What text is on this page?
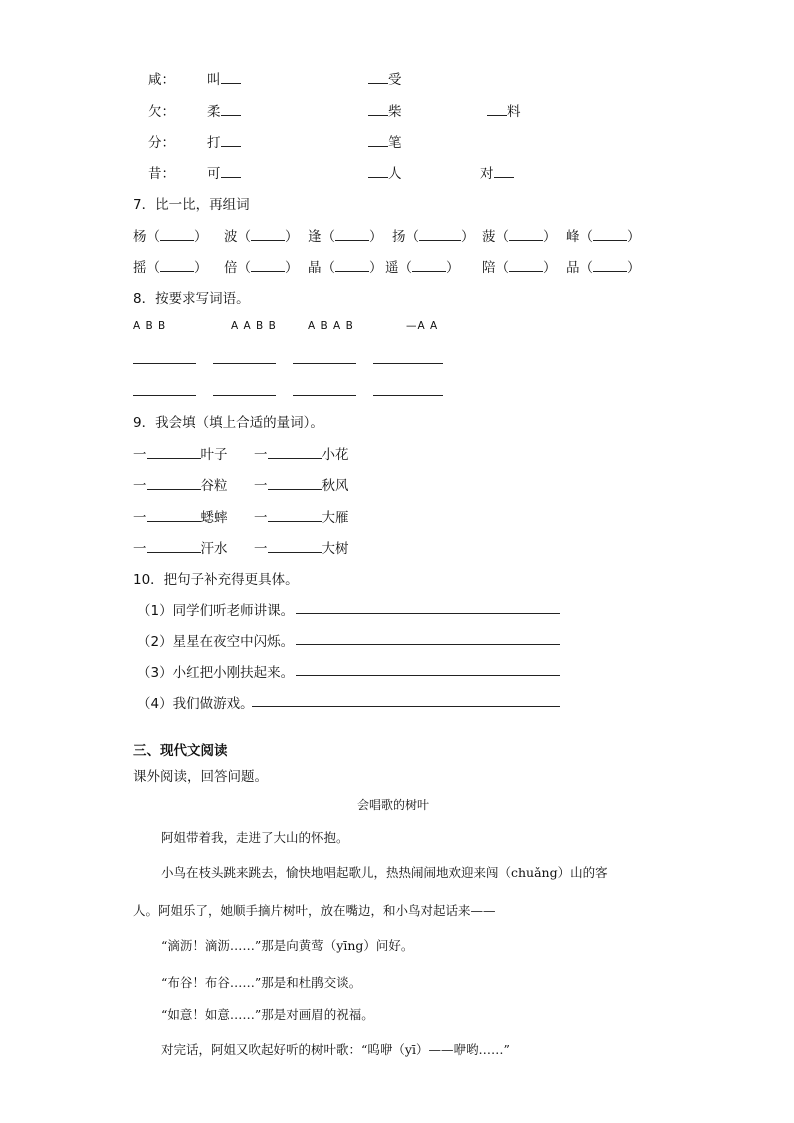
咸： 叫	受
欠： 柔	柴	料
分： 打	笔
昔： 可	人	对
7．比一比，再组词
杨（	） 波（	） 逢（	） 扬（	） 菠（	） 峰（	）
摇（	） 倍（	） 晶（	） 遥（	） 陪（	） 品（	）
8．按要求写词语。
A B B	A A B B	A B A B	—A A
9．我会填（填上合适的量词）。
一	叶子 一	小花
一	谷粒 一	秋风
一	蟋蟀 一	大雁
一	汗水 一	大树
10．把句子补充得更具体。
（1）同学们听老师讲课。
（2）星星在夜空中闪烁。
（3）小红把小刚扶起来。
（4）我们做游戏。
三、现代文阅读
课外阅读，回答问题。
会唱歌的树叶
阿姐带着我，走进了大山的怀抱。
小鸟在枝头跳来跳去，愉快地唱起歌儿，热热闹闹地欢迎来闯（chuǎng）山的客
人。阿姐乐了，她顺手摘片树叶，放在嘴边，和小鸟对起话来——
“滴沥！滴沥……”那是向黄莺（yīng）问好。
“布谷！布谷……”那是和杜鹃交谈。
“如意！如意……”那是对画眉的祝福。
对完话，阿姐又吹起好听的树叶歌：“呜咿（yī）——咿哟……”
